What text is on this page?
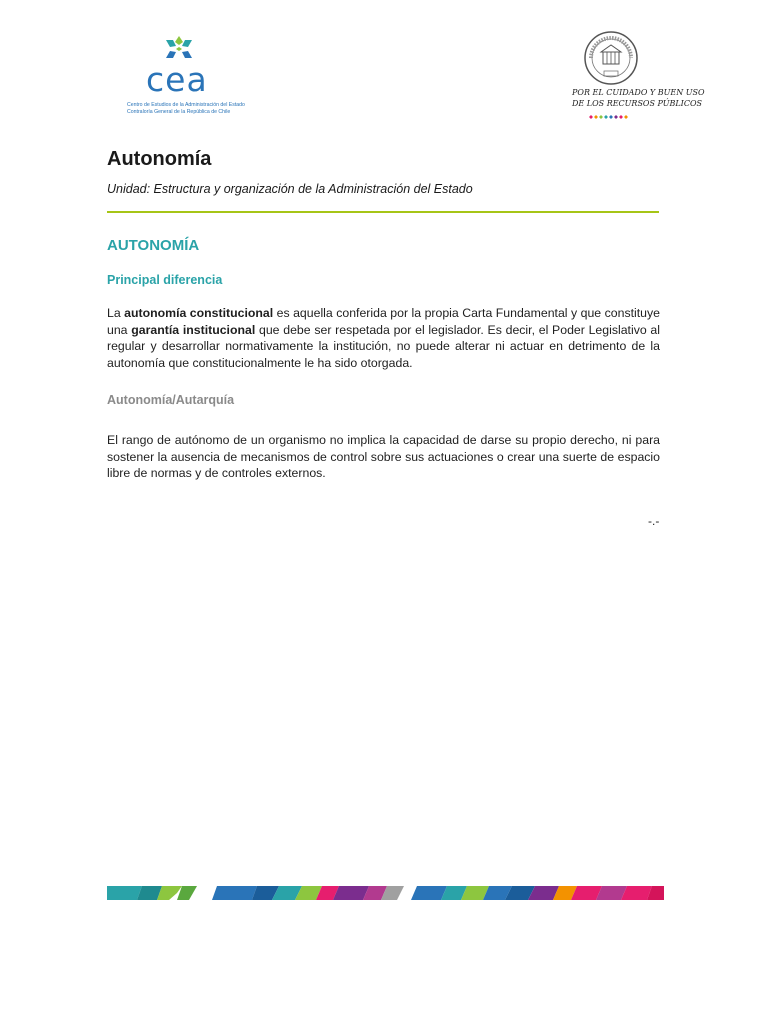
cea
Centro de Estudios de la Administración del Estado
Contraloría General de la República de Chile
POR EL CUIDADO Y BUEN USO
DE LOS RECURSOS PÚBLICOS
Autonomía
Unidad: Estructura y organización de la Administración del Estado
AUTONOMÍA
Principal diferencia
La autonomía constitucional es aquella conferida por la propia Carta Fundamental y que constituye una garantía institucional que debe ser respetada por el legislador. Es decir, el Poder Legislativo al regular y desarrollar normativamente la institución, no puede alterar ni actuar en detrimento de la autonomía que constitucionalmente le ha sido otorgada.
Autonomía/Autarquía
El rango de autónomo de un organismo no implica la capacidad de darse su propio derecho, ni para sostener la ausencia de mecanismos de control sobre sus actuaciones o crear una suerte de espacio libre de normas y de controles externos.
-.-
